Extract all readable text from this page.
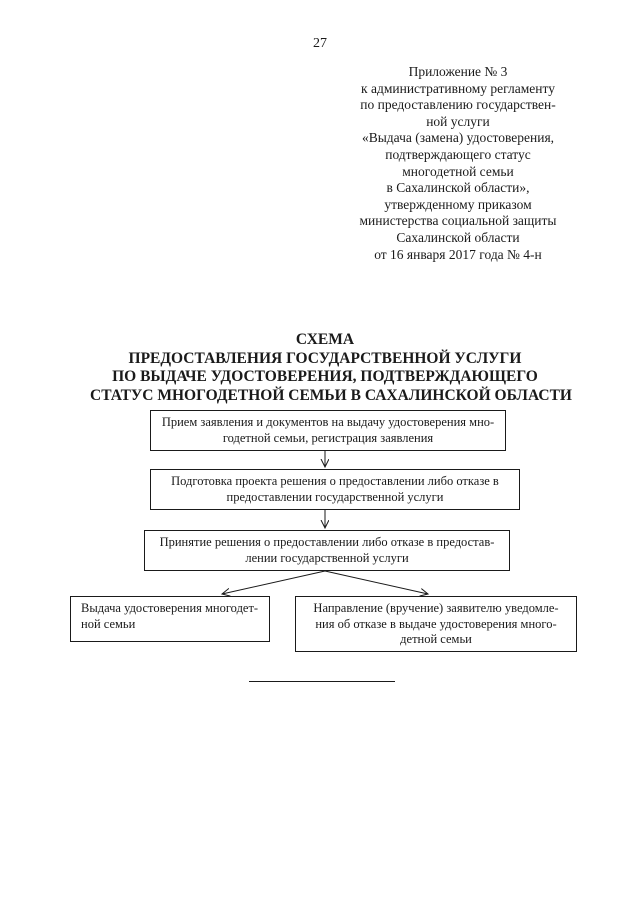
27
Приложение № 3
к административному регламенту
по предоставлению государствен-
ной услуги
«Выдача (замена) удостоверения,
подтверждающего статус
многодетной семьи
в Сахалинской области»,
утвержденному приказом
министерства социальной защиты
Сахалинской области
от 16 января 2017 года № 4-н
СХЕМА
ПРЕДОСТАВЛЕНИЯ ГОСУДАРСТВЕННОЙ УСЛУГИ
ПО ВЫДАЧЕ УДОСТОВЕРЕНИЯ, ПОДТВЕРЖДАЮЩЕГО
СТАТУС МНОГОДЕТНОЙ СЕМЬИ В САХАЛИНСКОЙ ОБЛАСТИ
Прием заявления и документов на выдачу удостоверения мно-
годетной семьи, регистрация заявления
Подготовка проекта решения о предоставлении либо отказе в
предоставлении государственной услуги
Принятие решения о предоставлении либо отказе в предостав-
лении государственной услуги
Выдача удостоверения многодет-
ной семьи
Направление (вручение) заявителю уведомле-
ния об отказе в выдаче удостоверения много-
детной семьи
